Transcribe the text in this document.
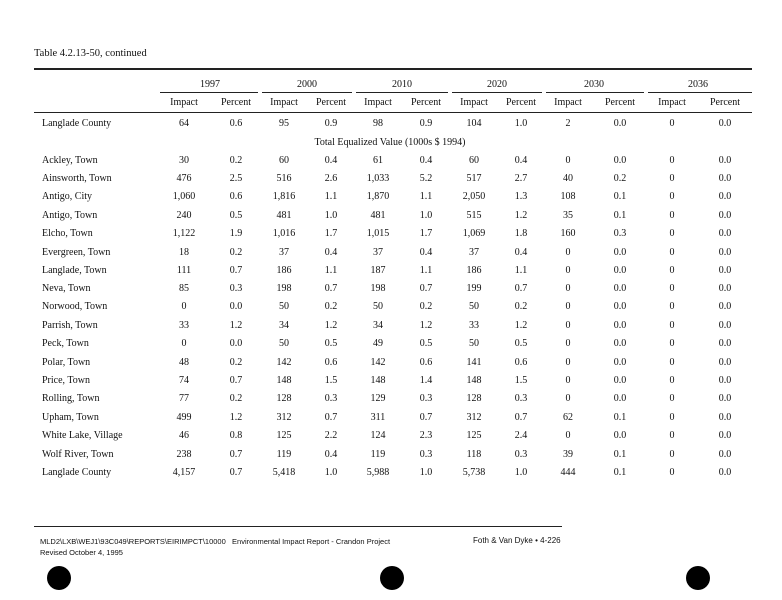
Table 4.2.13-50, continued
1997	2000	2010	2020	2030	2036
Impact	Percent	Impact	Percent	Impact	Percent	Impact	Percent	Impact	Percent	Impact	Percent
Langlade County	64	0.6	95	0.9	98	0.9	104	1.0	2	0.0	0	0.0
Total Equalized Value (1000s $ 1994)
Ackley, Town	30	0.2	60	0.4	61	0.4	60	0.4	0	0.0	0	0.0
Ainsworth, Town	476	2.5	516	2.6	1,033	5.2	517	2.7	40	0.2	0	0.0
Antigo, City	1,060	0.6	1,816	1.1	1,870	1.1	2,050	1.3	108	0.1	0	0.0
Antigo, Town	240	0.5	481	1.0	481	1.0	515	1.2	35	0.1	0	0.0
Elcho, Town	1,122	1.9	1,016	1.7	1,015	1.7	1,069	1.8	160	0.3	0	0.0
Evergreen, Town	18	0.2	37	0.4	37	0.4	37	0.4	0	0.0	0	0.0
Langlade, Town	111	0.7	186	1.1	187	1.1	186	1.1	0	0.0	0	0.0
Neva, Town	85	0.3	198	0.7	198	0.7	199	0.7	0	0.0	0	0.0
Norwood, Town	0	0.0	50	0.2	50	0.2	50	0.2	0	0.0	0	0.0
Parrish, Town	33	1.2	34	1.2	34	1.2	33	1.2	0	0.0	0	0.0
Peck, Town	0	0.0	50	0.5	49	0.5	50	0.5	0	0.0	0	0.0
Polar, Town	48	0.2	142	0.6	142	0.6	141	0.6	0	0.0	0	0.0
Price, Town	74	0.7	148	1.5	148	1.4	148	1.5	0	0.0	0	0.0
Rolling, Town	77	0.2	128	0.3	129	0.3	128	0.3	0	0.0	0	0.0
Upham, Town	499	1.2	312	0.7	311	0.7	312	0.7	62	0.1	0	0.0
White Lake, Village	46	0.8	125	2.2	124	2.3	125	2.4	0	0.0	0	0.0
Wolf River, Town	238	0.7	119	0.4	119	0.3	118	0.3	39	0.1	0	0.0
Langlade County	4,157	0.7	5,418	1.0	5,988	1.0	5,738	1.0	444	0.1	0	0.0
MLD2\LXB\WEJ1\93C049\REPORTS\EIRIMPCT\10000 Environmental Impact Report - Crandon Project
Revised October 4, 1995
Foth & Van Dyke • 4-226
